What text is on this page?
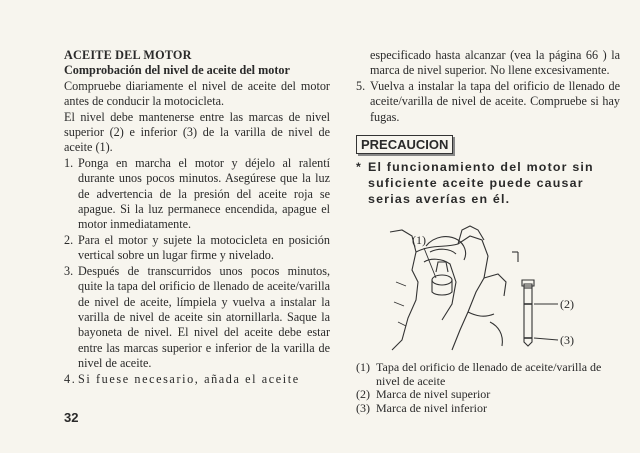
ACEITE DEL MOTOR
Comprobación del nivel de aceite del motor

Compruebe diariamente el nivel de aceite del motor antes de conducir la motocicleta.

El nivel debe mantenerse entre las marcas de nivel superior (2) e inferior (3) de la varilla de nivel de aceite (1).

1. Ponga en marcha el motor y déjelo al ralentí durante unos pocos minutos. Asegúrese que la luz de advertencia de la presión del aceite roja se apague. Si la luz permanece encendida, apague el motor inmediatamente.
2. Para el motor y sujete la motocicleta en posición vertical sobre un lugar firme y nivelado.
3. Después de transcurridos unos pocos minutos, quite la tapa del orificio de llenado de aceite/varilla de nivel de aceite, límpiela y vuelva a instalar la varilla de nivel de aceite sin atornillarla. Saque la bayoneta de nivel. El nivel del aceite debe estar entre las marcas superior e inferior de la varilla de nivel de aceite.
4. Si fuese necesario, añada el aceite
32

especificado hasta alcanzar (vea la página 66 ) la marca de nivel superior. No llene excesivamente.

5. Vuelva a instalar la tapa del orificio de llenado de aceite/varilla de nivel de aceite. Compruebe si hay fugas.
PRECAUCION
* El funcionamiento del motor sin suficiente aceite puede causar serias averías en él.
(1)
(2)
(3)
(1) Tapa del orificio de llenado de aceite/varilla de nivel de aceite
(2) Marca de nivel superior
(3) Marca de nivel inferior
